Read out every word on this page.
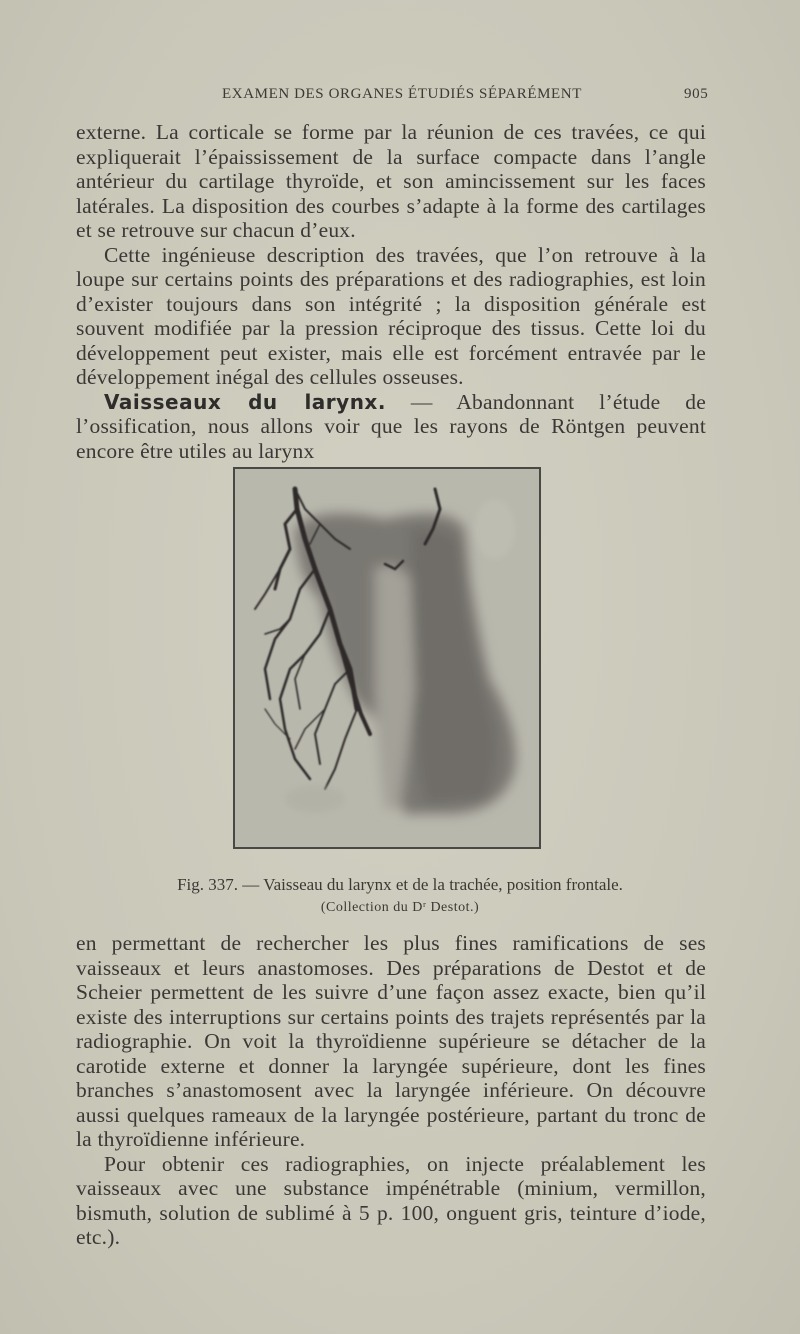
EXAMEN DES ORGANES ÉTUDIÉS SÉPARÉMENT	905

externe. La corticale se forme par la réunion de ces travées, ce qui expliquerait l’épaississement de la surface compacte dans l’angle antérieur du cartilage thyroïde, et son amincissement sur les faces latérales. La disposition des courbes s’adapte à la forme des cartilages et se retrouve sur chacun d’eux.

Cette ingénieuse description des travées, que l’on retrouve à la loupe sur certains points des préparations et des radiographies, est loin d’exister toujours dans son intégrité ; la disposition générale est souvent modifiée par la pression réciproque des tissus. Cette loi du développement peut exister, mais elle est forcément entravée par le développement inégal des cellules osseuses.

Vaisseaux du larynx. — Abandonnant l’étude de l’ossification, nous allons voir que les rayons de Röntgen peuvent encore être utiles au larynx

Fig. 337. — Vaisseau du larynx et de la trachée, position frontale.
(Collection du Dʳ Destot.)

en permettant de rechercher les plus fines ramifications de ses vaisseaux et leurs anastomoses. Des préparations de Destot et de Scheier permettent de les suivre d’une façon assez exacte, bien qu’il existe des interruptions sur certains points des trajets représentés par la radiographie. On voit la thyroïdienne supérieure se détacher de la carotide externe et donner la laryngée supérieure, dont les fines branches s’anastomosent avec la laryngée inférieure. On découvre aussi quelques rameaux de la laryngée postérieure, partant du tronc de la thyroïdienne inférieure.

Pour obtenir ces radiographies, on injecte préalablement les vaisseaux avec une substance impénétrable (minium, vermillon, bismuth, solution de sublimé à 5 p. 100, onguent gris, teinture d’iode, etc.).
